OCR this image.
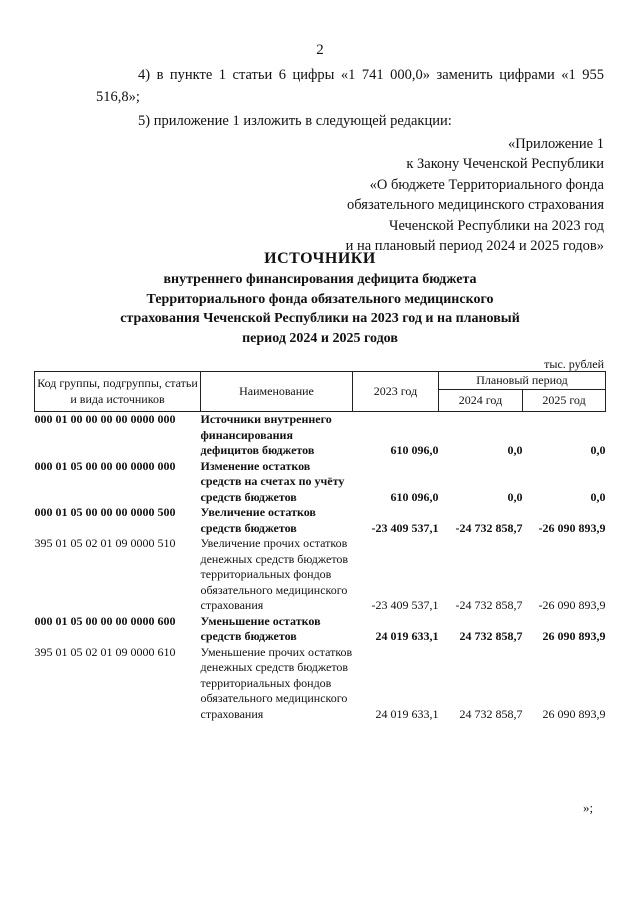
2
4) в пункте 1 статьи 6 цифры «1 741 000,0» заменить цифрами «1 955 516,8»;
5) приложение 1 изложить в следующей редакции:
«Приложение 1
к Закону Чеченской Республики
«О бюджете Территориального фонда
обязательного медицинского страхования
Чеченской Республики на 2023 год
и на плановый период 2024 и 2025 годов»
ИСТОЧНИКИ
внутреннего финансирования дефицита бюджета
Территориального фонда обязательного медицинского
страхования Чеченской Республики на 2023 год и на плановый
период 2024 и 2025 годов
тыс. рублей
Код группы, подгруппы, статьи и вида источников	Наименование	2023 год	Плановый период	
			2024 год	2025 год
000 01 00 00 00 00 0000 000	Источники внутреннего финансирования дефицитов бюджетов	610 096,0	0,0	0,0
000 01 05 00 00 00 0000 000	Изменение остатков средств на счетах по учёту средств бюджетов	610 096,0	0,0	0,0
000 01 05 00 00 00 0000 500	Увеличение остатков средств бюджетов	-23 409 537,1	-24 732 858,7	-26 090 893,9
395 01 05 02 01 09 0000 510	Увеличение прочих остатков денежных средств бюджетов территориальных фондов обязательного медицинского страхования	-23 409 537,1	-24 732 858,7	-26 090 893,9
000 01 05 00 00 00 0000 600	Уменьшение остатков средств бюджетов	24 019 633,1	24 732 858,7	26 090 893,9
395 01 05 02 01 09 0000 610	Уменьшение прочих остатков денежных средств бюджетов территориальных фондов обязательного медицинского страхования	24 019 633,1	24 732 858,7	26 090 893,9
»;
